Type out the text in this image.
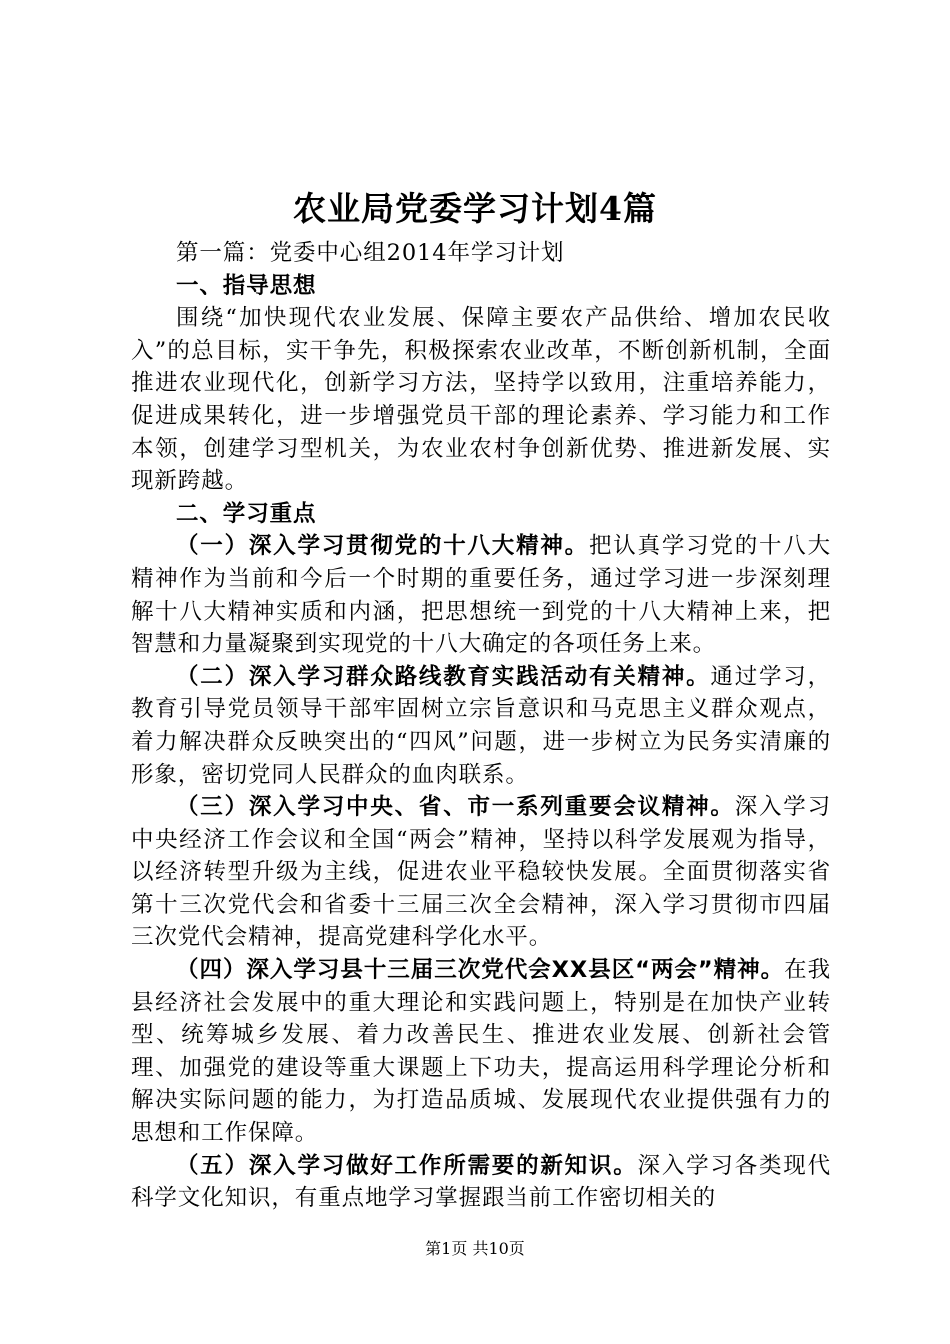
农业局党委学习计划4篇

第一篇：党委中心组2014年学习计划

一、指导思想

围绕“加快现代农业发展、保障主要农产品供给、增加农民收入”的总目标，实干争先，积极探索农业改革，不断创新机制，全面推进农业现代化，创新学习方法，坚持学以致用，注重培养能力，促进成果转化，进一步增强党员干部的理论素养、学习能力和工作本领，创建学习型机关，为农业农村争创新优势、推进新发展、实现新跨越。

二、学习重点

（一）深入学习贯彻党的十八大精神。把认真学习党的十八大精神作为当前和今后一个时期的重要任务，通过学习进一步深刻理解十八大精神实质和内涵，把思想统一到党的十八大精神上来，把智慧和力量凝聚到实现党的十八大确定的各项任务上来。

（二）深入学习群众路线教育实践活动有关精神。通过学习，教育引导党员领导干部牢固树立宗旨意识和马克思主义群众观点，着力解决群众反映突出的“四风”问题，进一步树立为民务实清廉的形象，密切党同人民群众的血肉联系。

（三）深入学习中央、省、市一系列重要会议精神。深入学习中央经济工作会议和全国“两会”精神，坚持以科学发展观为指导，以经济转型升级为主线，促进农业平稳较快发展。全面贯彻落实省第十三次党代会和省委十三届三次全会精神，深入学习贯彻市四届三次党代会精神，提高党建科学化水平。

（四）深入学习县十三届三次党代会XX县区“两会”精神。在我县经济社会发展中的重大理论和实践问题上，特别是在加快产业转型、统筹城乡发展、着力改善民生、推进农业发展、创新社会管理、加强党的建设等重大课题上下功夫，提高运用科学理论分析和解决实际问题的能力，为打造品质城、发展现代农业提供强有力的思想和工作保障。

（五）深入学习做好工作所需要的新知识。深入学习各类现代科学文化知识，有重点地学习掌握跟当前工作密切相关的

第1页 共10页
